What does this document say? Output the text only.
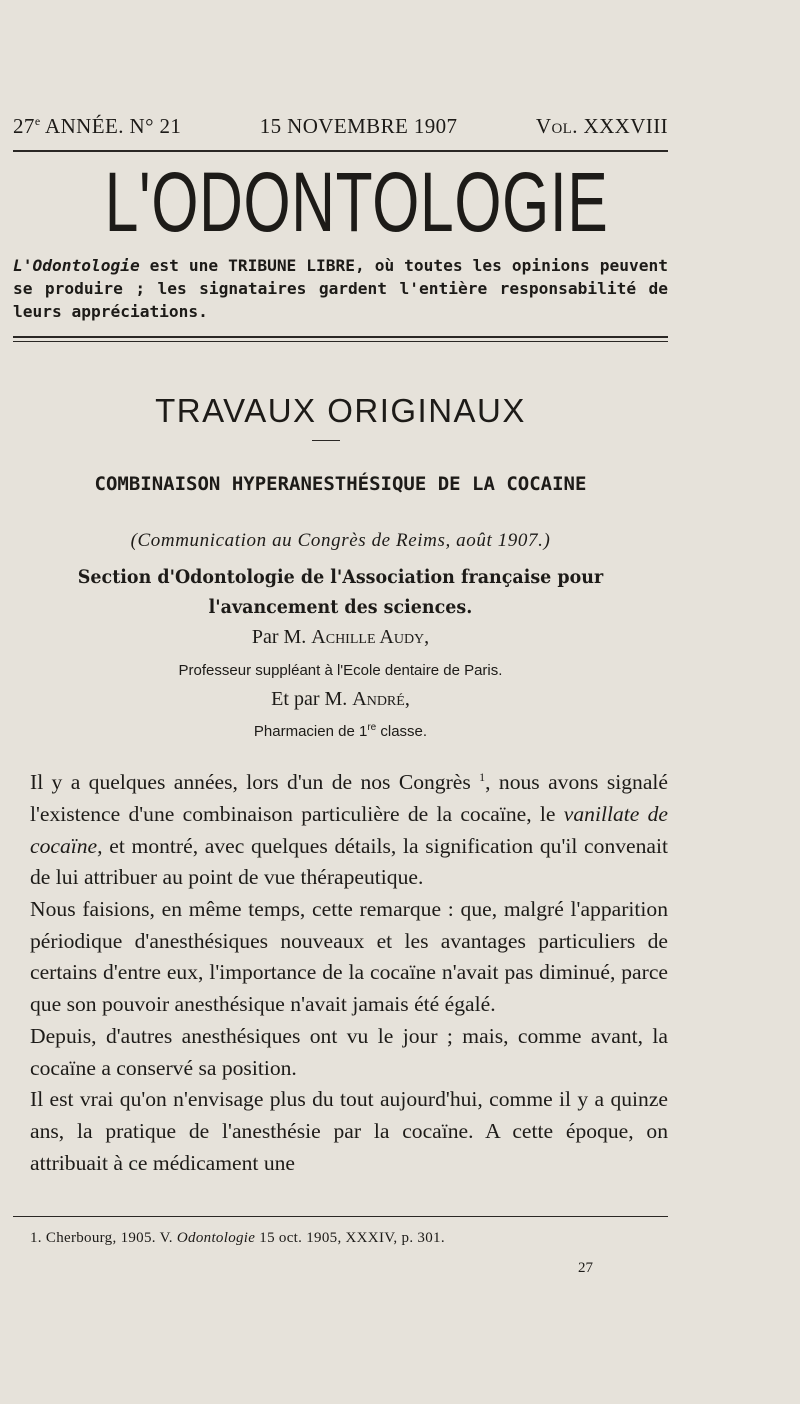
27e ANNÉE. N° 21	15 NOVEMBRE 1907	Vol. XXXVIII
L'ODONTOLOGIE
L'Odontologie est une TRIBUNE LIBRE, où toutes les opinions peuvent se produire ; les signataires gardent l'entière responsabilité de leurs appréciations.
TRAVAUX ORIGINAUX
COMBINAISON HYPERANESTHÉSIQUE DE LA COCAINE
(Communication au Congrès de Reims, août 1907.)
Section d'Odontologie de l'Association française pour l'avancement des sciences.
Par M. Achille Audy,
Professeur suppléant à l'Ecole dentaire de Paris.
Et par M. André,
Pharmacien de 1re classe.

Il y a quelques années, lors d'un de nos Congrès $^1$, nous avons signalé l'existence d'une combinaison particulière de la cocaïne, le vanillate de cocaïne, et montré, avec quelques détails, la signification qu'il convenait de lui attribuer au point de vue thérapeutique.

Nous faisions, en même temps, cette remarque : que, malgré l'apparition périodique d'anesthésiques nouveaux et les avantages particuliers de certains d'entre eux, l'importance de la cocaïne n'avait pas diminué, parce que son pouvoir anesthésique n'avait jamais été égalé.

Depuis, d'autres anesthésiques ont vu le jour ; mais, comme avant, la cocaïne a conservé sa position.

Il est vrai qu'on n'envisage plus du tout aujourd'hui, comme il y a quinze ans, la pratique de l'anesthésie par la cocaïne. A cette époque, on attribuait à ce médicament une

1. Cherbourg, 1905. V. Odontologie 15 oct. 1905, XXXIV, p. 301.
27
